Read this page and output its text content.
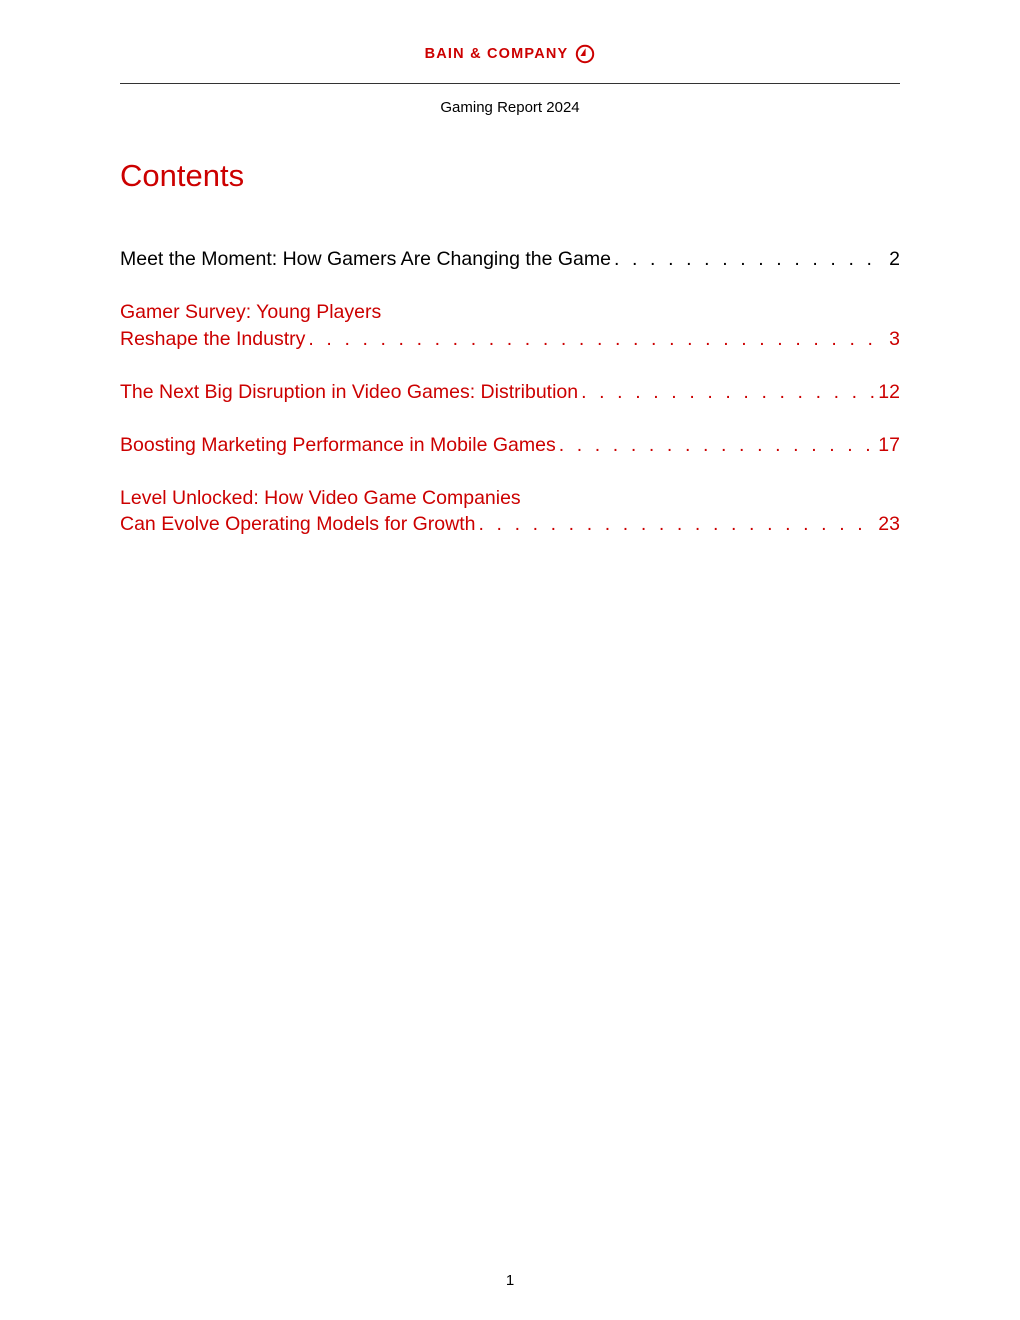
BAIN & COMPANY
Gaming Report 2024
Contents
Meet the Moment: How Gamers Are Changing the Game . . .	2
Gamer Survey: Young Players
Reshape the Industry . . .	3
The Next Big Disruption in Video Games: Distribution . . .	12
Boosting Marketing Performance in Mobile Games . . .	17
Level Unlocked: How Video Game Companies
Can Evolve Operating Models for Growth . . .	23
1
